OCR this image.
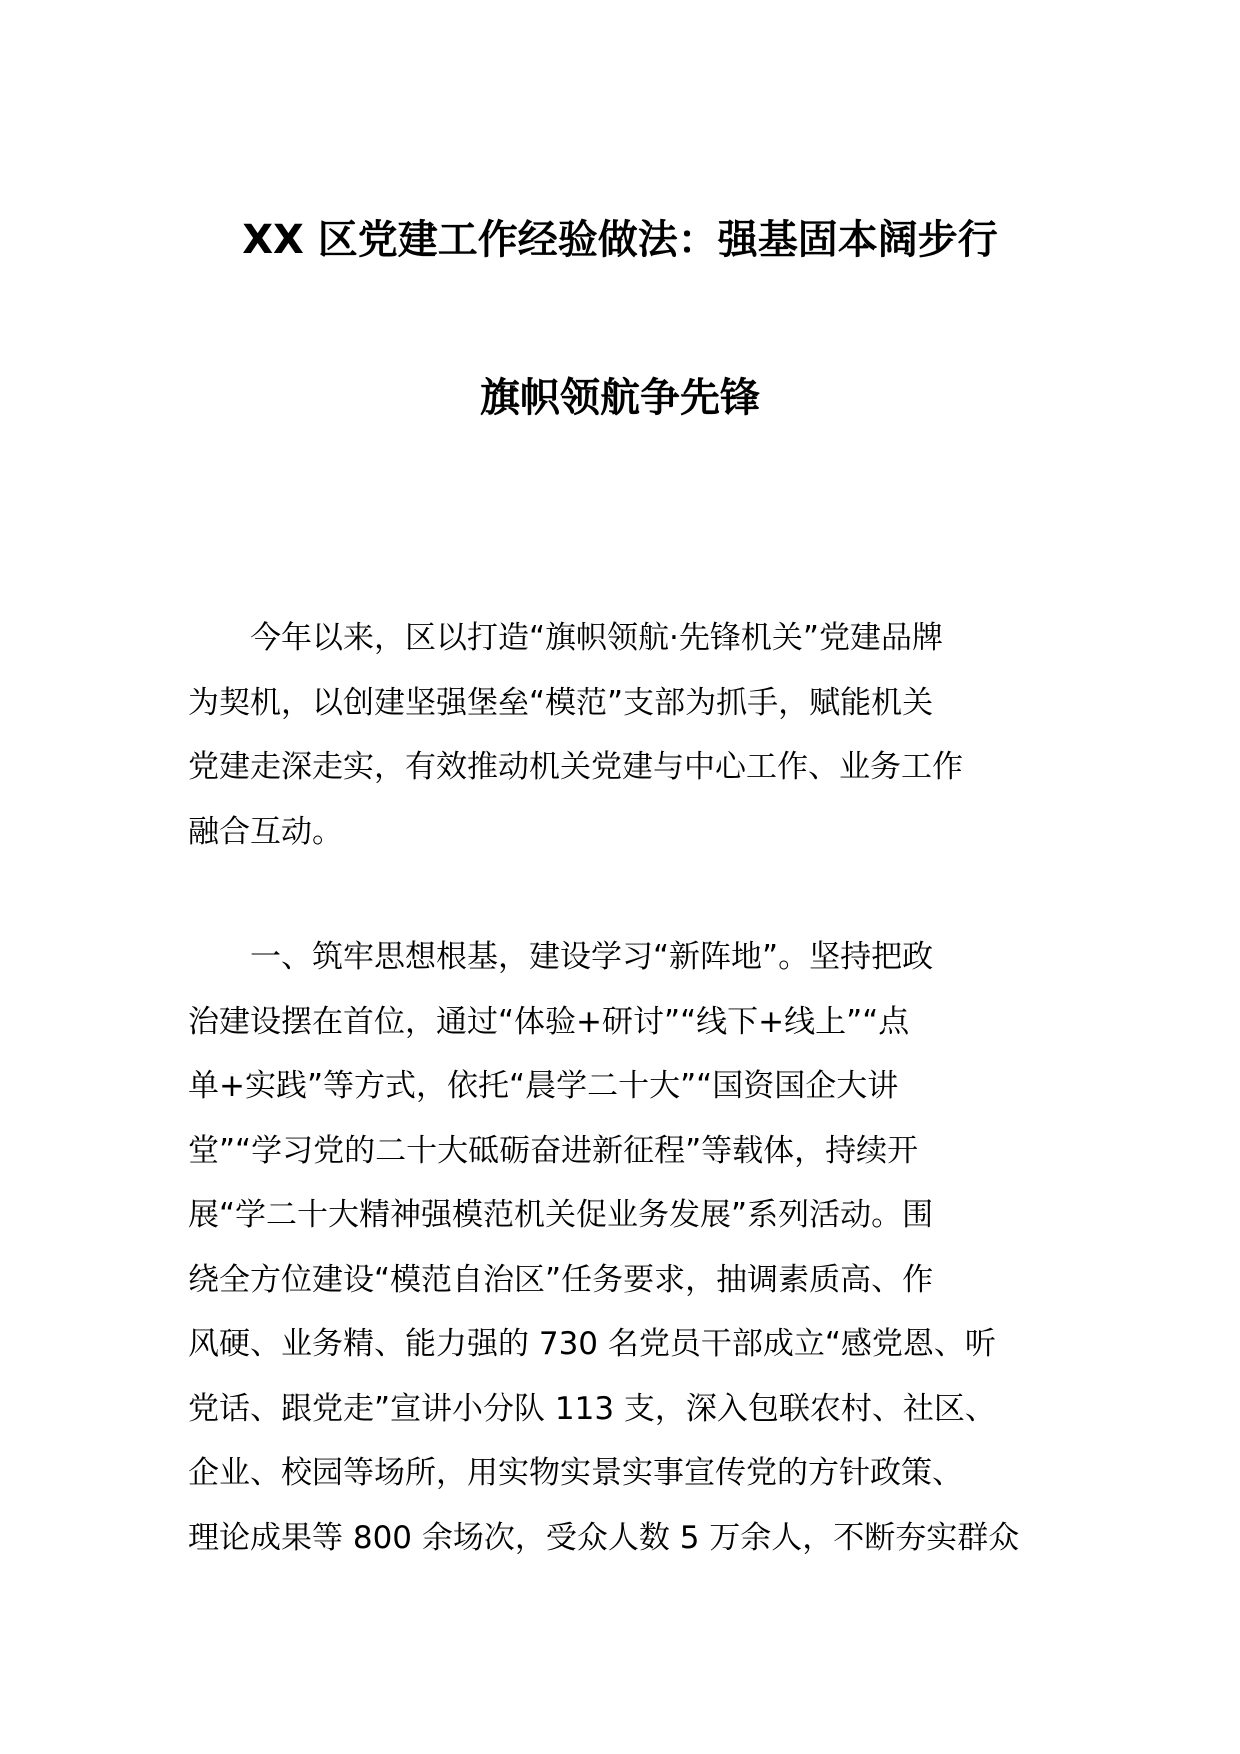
XX 区党建工作经验做法：强基固本阔步行
旗帜领航争先锋
　　今年以来，区以打造“旗帜领航·先锋机关”党建品牌
为契机，以创建坚强堡垒“模范”支部为抓手，赋能机关
党建走深走实，有效推动机关党建与中心工作、业务工作
融合互动。
　　一、筑牢思想根基，建设学习“新阵地”。坚持把政
治建设摆在首位，通过“体验+研讨”“线下+线上”“点
单+实践”等方式，依托“晨学二十大”“国资国企大讲
堂”“学习党的二十大砥砺奋进新征程”等载体，持续开
展“学二十大精神强模范机关促业务发展”系列活动。围
绕全方位建设“模范自治区”任务要求，抽调素质高、作
风硬、业务精、能力强的 730 名党员干部成立“感党恩、听
党话、跟党走”宣讲小分队 113 支，深入包联农村、社区、
企业、校园等场所，用实物实景实事宣传党的方针政策、
理论成果等 800 余场次，受众人数 5 万余人，不断夯实群众
